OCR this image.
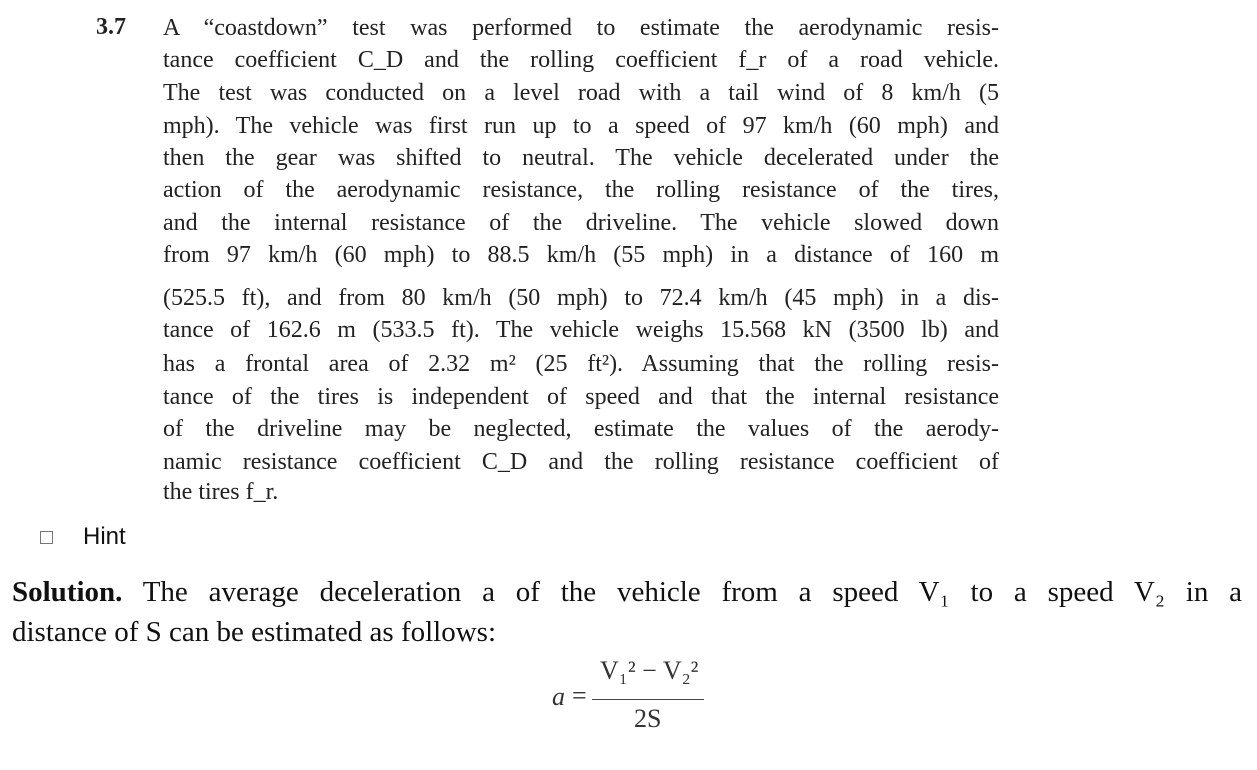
3.7 A “coastdown” test was performed to estimate the aerodynamic resis-
tance coefficient C_D and the rolling coefficient f_r of a road vehicle.
The test was conducted on a level road with a tail wind of 8 km/h (5
mph). The vehicle was first run up to a speed of 97 km/h (60 mph) and
then the gear was shifted to neutral. The vehicle decelerated under the
action of the aerodynamic resistance, the rolling resistance of the tires,
and the internal resistance of the driveline. The vehicle slowed down
from 97 km/h (60 mph) to 88.5 km/h (55 mph) in a distance of 160 m
(525.5 ft), and from 80 km/h (50 mph) to 72.4 km/h (45 mph) in a dis-
tance of 162.6 m (533.5 ft). The vehicle weighs 15.568 kN (3500 lb) and
has a frontal area of 2.32 m² (25 ft²). Assuming that the rolling resis-
tance of the tires is independent of speed and that the internal resistance
of the driveline may be neglected, estimate the values of the aerody-
namic resistance coefficient C_D and the rolling resistance coefficient of
the tires f_r.
Hint
Solution. The average deceleration a of the vehicle from a speed V₁ to a speed V₂ in a
distance of S can be estimated as follows:
a =
V₁² − V₂²
2S
